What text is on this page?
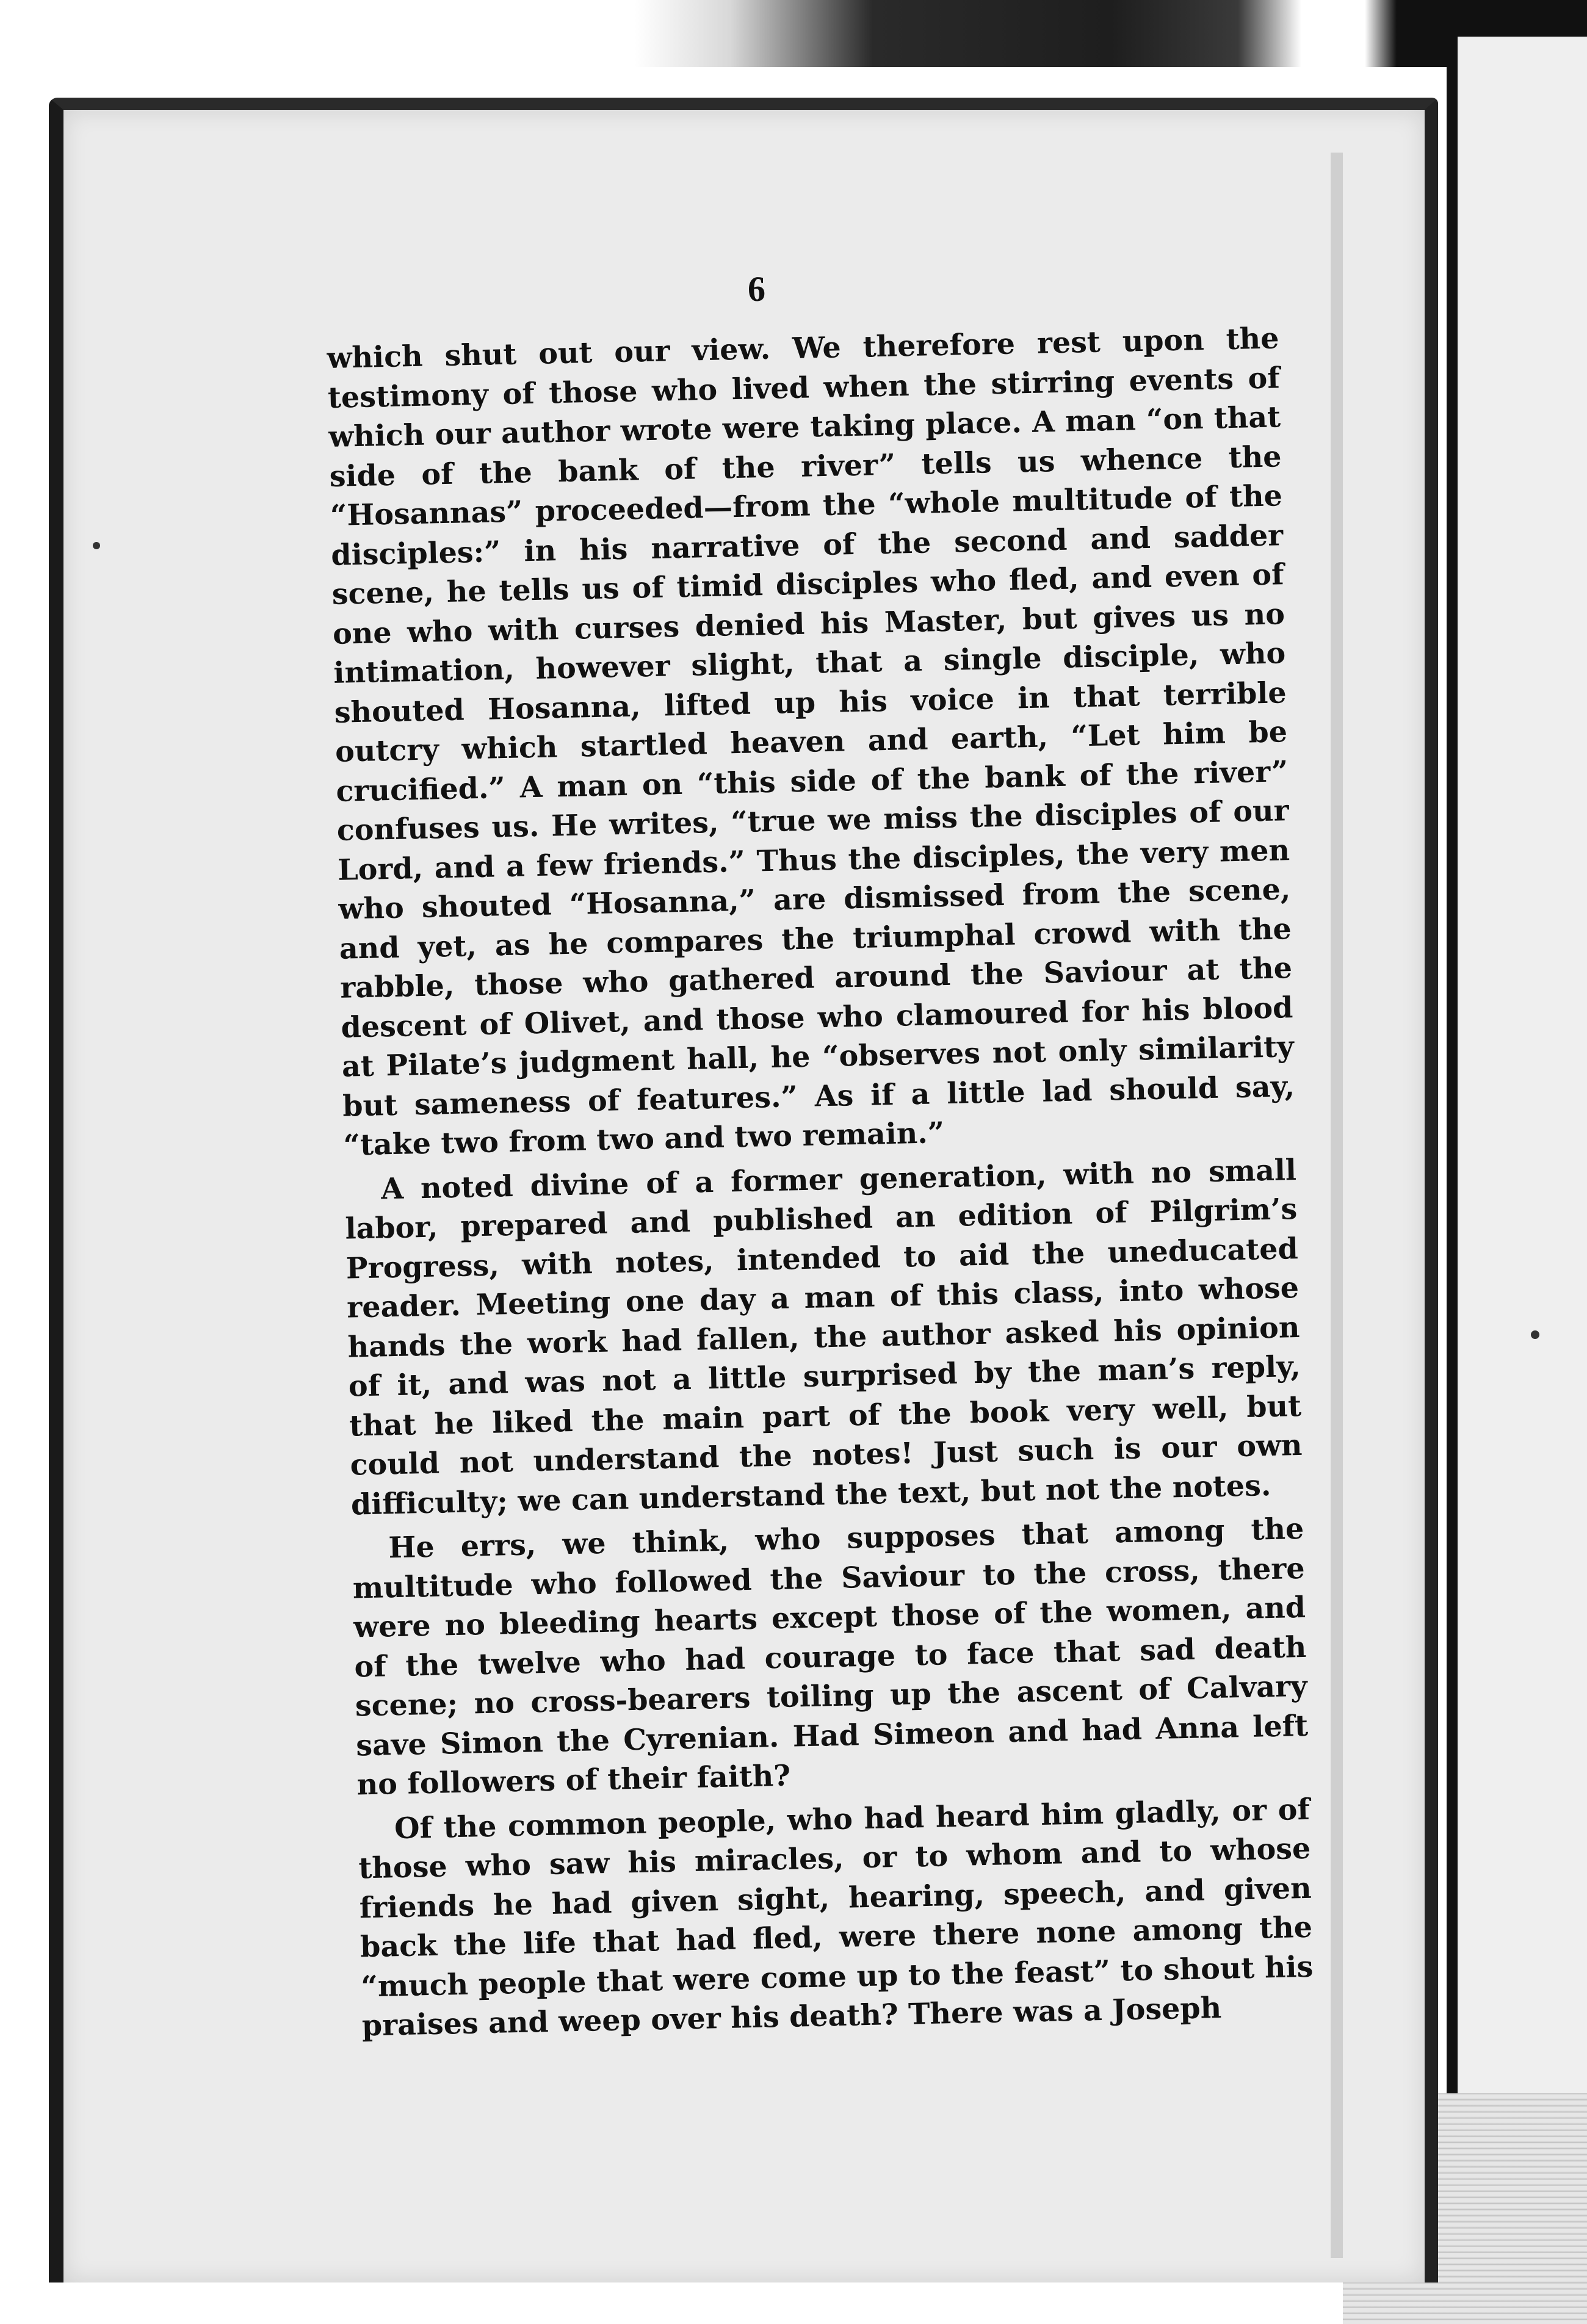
6

which shut out our view. We therefore rest upon the testimony of those who lived when the stirring events of which our author wrote were taking place. A man “on that side of the bank of the river” tells us whence the “Hosannas” proceeded—from the “whole multitude of the disciples:” in his narrative of the second and sadder scene, he tells us of timid disciples who fled, and even of one who with curses denied his Master, but gives us no intimation, however slight, that a single disciple, who shouted Hosanna, lifted up his voice in that terrible outcry which startled heaven and earth, “Let him be crucified.” A man on “this side of the bank of the river” confuses us. He writes, “true we miss the disciples of our Lord, and a few friends.” Thus the disciples, the very men who shouted “Hosanna,” are dismissed from the scene, and yet, as he compares the triumphal crowd with the rabble, those who gathered around the Saviour at the descent of Olivet, and those who clamoured for his blood at Pilate’s judgment hall, he “observes not only similarity but sameness of features.” As if a little lad should say, “take two from two and two remain.”

A noted divine of a former generation, with no small labor, prepared and published an edition of Pilgrim’s Progress, with notes, intended to aid the uneducated reader. Meeting one day a man of this class, into whose hands the work had fallen, the author asked his opinion of it, and was not a little surprised by the man’s reply, that he liked the main part of the book very well, but could not understand the notes! Just such is our own difficulty; we can understand the text, but not the notes.

He errs, we think, who supposes that among the multitude who followed the Saviour to the cross, there were no bleeding hearts except those of the women, and of the twelve who had courage to face that sad death scene; no cross-bearers toiling up the ascent of Calvary save Simon the Cyrenian. Had Simeon and had Anna left no followers of their faith?

Of the common people, who had heard him gladly, or of those who saw his miracles, or to whom and to whose friends he had given sight, hearing, speech, and given back the life that had fled, were there none among the “much people that were come up to the feast” to shout his praises and weep over his death? There was a Joseph
